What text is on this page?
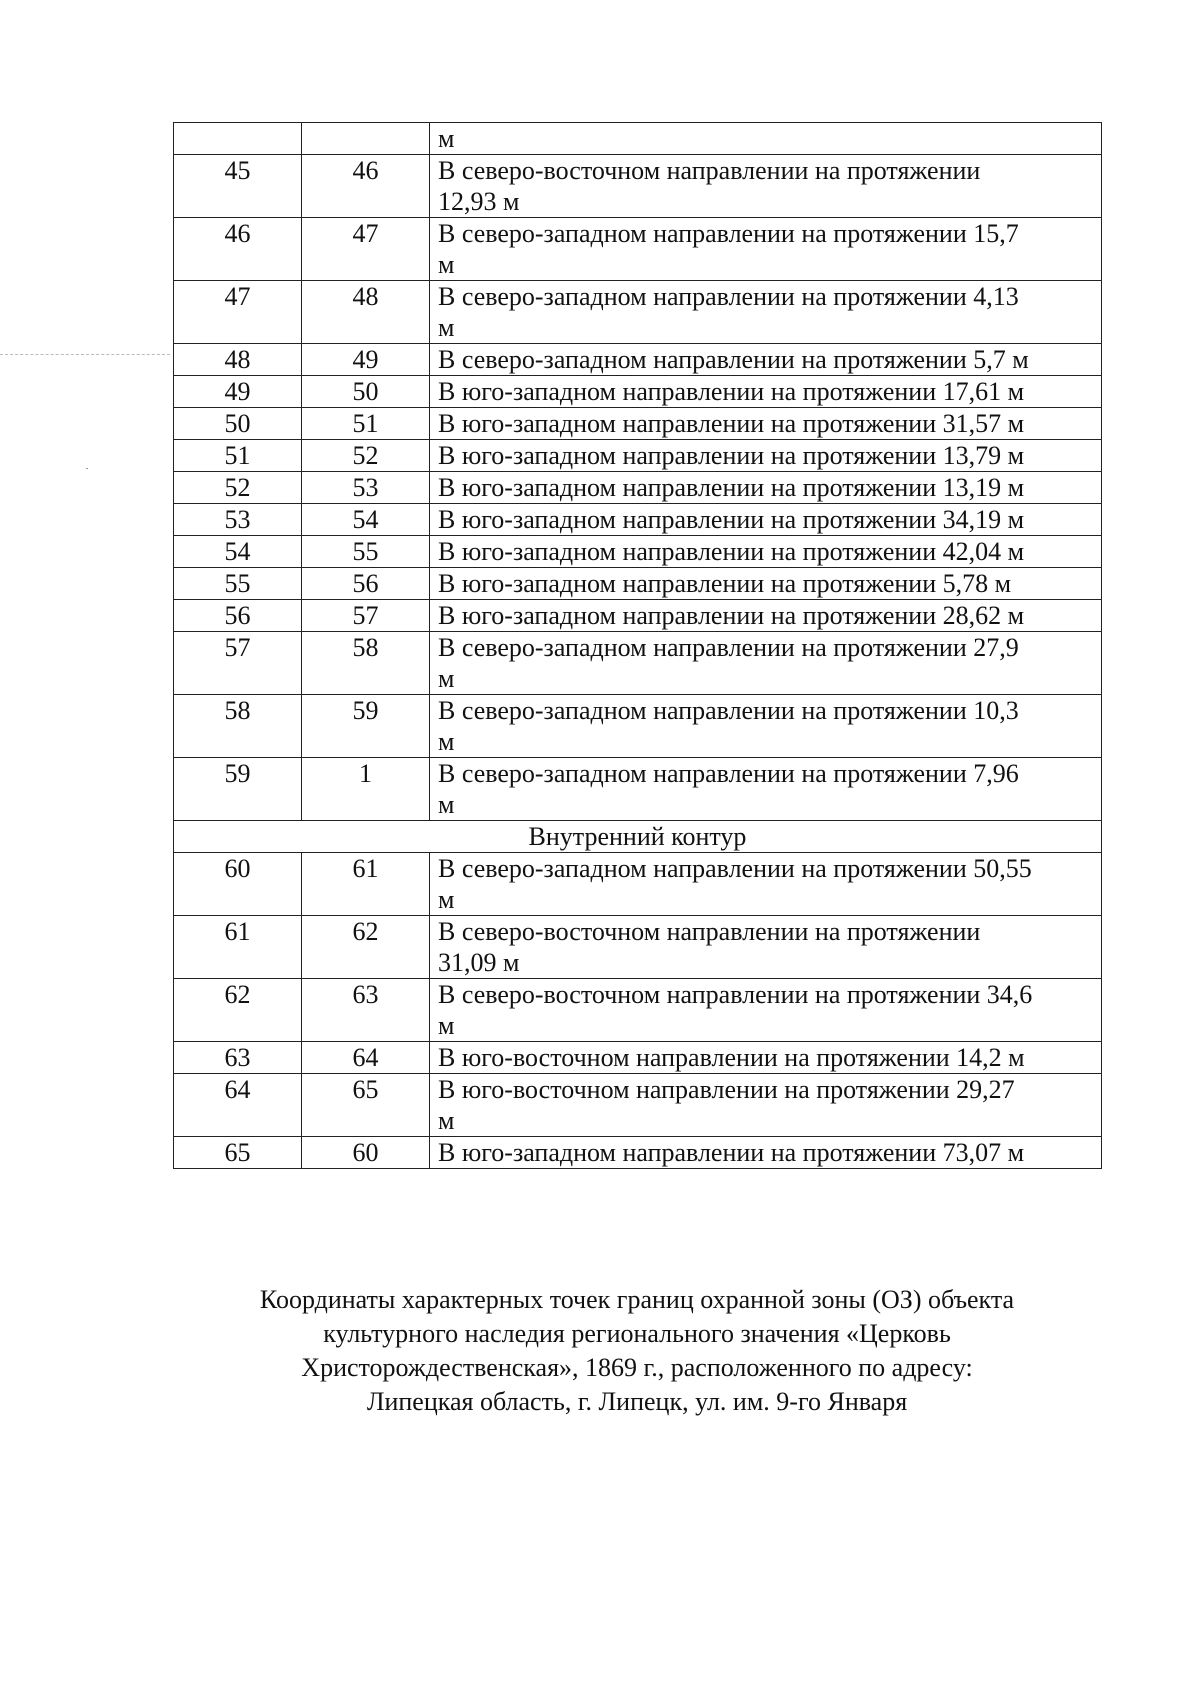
		м

45	46	В северо-восточном направлении на протяжении
12,93 м

46	47	В северо-западном направлении на протяжении 15,7
м

47	48	В северо-западном направлении на протяжении 4,13
м

48	49	В северо-западном направлении на протяжении 5,7 м

49	50	В юго-западном направлении на протяжении 17,61 м

50	51	В юго-западном направлении на протяжении 31,57 м

51	52	В юго-западном направлении на протяжении 13,79 м

52	53	В юго-западном направлении на протяжении 13,19 м

53	54	В юго-западном направлении на протяжении 34,19 м

54	55	В юго-западном направлении на протяжении 42,04 м

55	56	В юго-западном направлении на протяжении 5,78 м

56	57	В юго-западном направлении на протяжении 28,62 м

57	58	В северо-западном направлении на протяжении 27,9
м

58	59	В северо-западном направлении на протяжении 10,3
м

59	1	В северо-западном направлении на протяжении 7,96
м

Внутренний контур		
60	61	В северо-западном направлении на протяжении 50,55
м

61	62	В северо-восточном направлении на протяжении
31,09 м

62	63	В северо-восточном направлении на протяжении 34,6
м

63	64	В юго-восточном направлении на протяжении 14,2 м

64	65	В юго-восточном направлении на протяжении 29,27
м

65	60	В юго-западном направлении на протяжении 73,07 м
Координаты характерных точек границ охранной зоны (ОЗ) объекта
культурного наследия регионального значения «Церковь
Христорождественская», 1869 г., расположенного по адресу:
Липецкая область, г. Липецк, ул. им. 9-го Января
